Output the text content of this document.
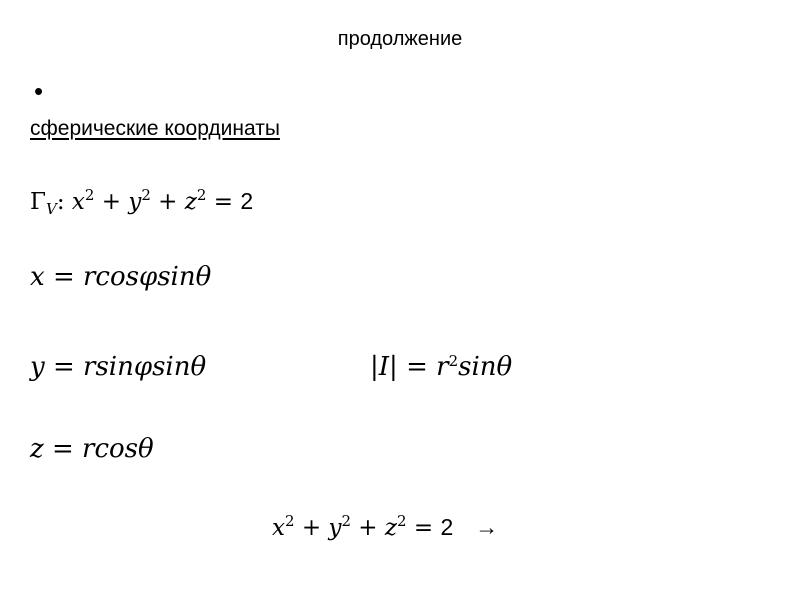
продолжение
•
сферические координаты
$\Gamma_V$: $x^2 + y^2 + z^2 = 2$
x = rcosφsinθ
y = rsinφsinθ	$|I| = r^2\sin\theta$
z = rcosθ
$x^2 + y^2 + z^2 = 2$ →
